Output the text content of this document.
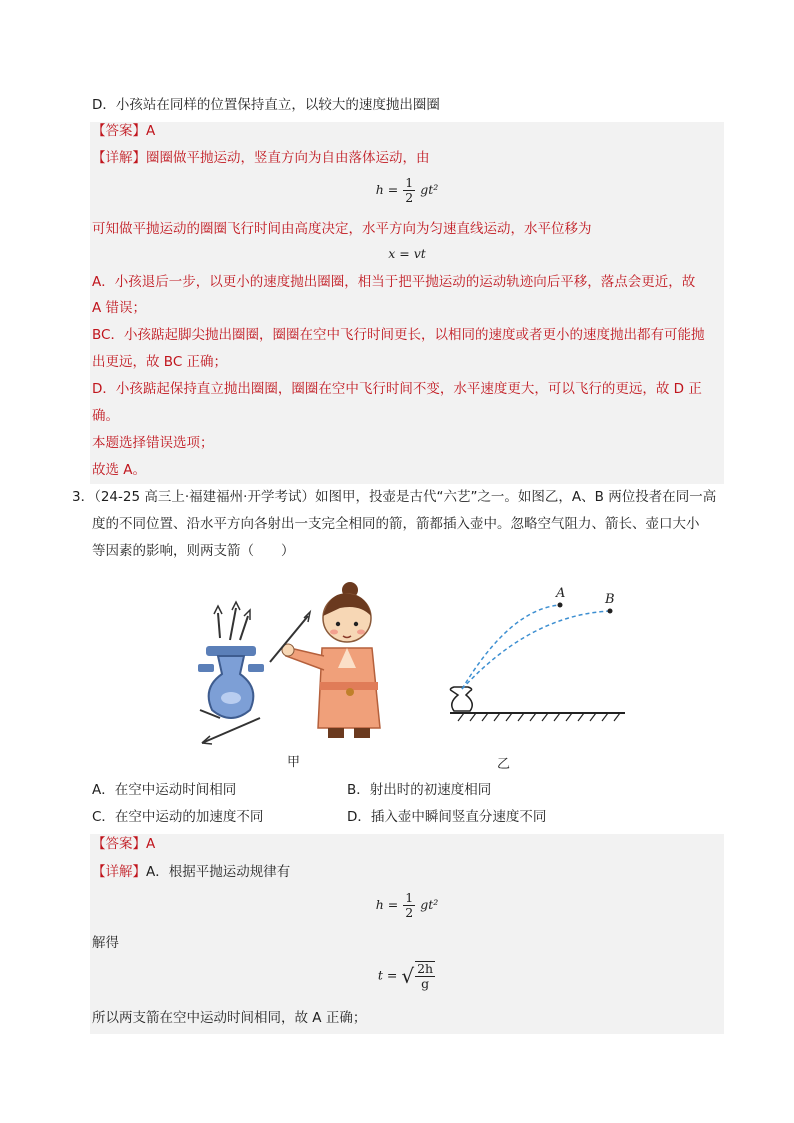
D．小孩站在同样的位置保持直立，以较大的速度抛出圈圈
【答案】A
【详解】圈圈做平抛运动，竖直方向为自由落体运动，由
$h = \frac{1}{2} gt^2$
可知做平抛运动的圈圈飞行时间由高度决定，水平方向为匀速直线运动，水平位移为
x = vt
A．小孩退后一步，以更小的速度抛出圈圈，相当于把平抛运动的运动轨迹向后平移，落点会更近，故
A 错误；
BC．小孩踮起脚尖抛出圈圈，圈圈在空中飞行时间更长，以相同的速度或者更小的速度抛出都有可能抛
出更远，故 BC 正确；
D．小孩踮起保持直立抛出圈圈，圈圈在空中飞行时间不变，水平速度更大，可以飞行的更远，故 D 正
确。
本题选择错误选项；
故选 A。
3．（24-25 高三上·福建福州·开学考试）如图甲，投壶是古代“六艺”之一。如图乙，A、B 两位投者在同一高
度的不同位置、沿水平方向各射出一支完全相同的箭，箭都插入壶中。忽略空气阻力、箭长、壶口大小
等因素的影响，则两支箭（　　）
A	B
甲	乙
A．在空中运动时间相同	B．射出时的初速度相同
C．在空中运动的加速度不同	D．插入壶中瞬间竖直分速度不同
【答案】A
【详解】A．根据平抛运动规律有
$h = \frac{1}{2} gt^2$
解得
t = √ $\frac{2h}{g}$
所以两支箭在空中运动时间相同，故 A 正确；
